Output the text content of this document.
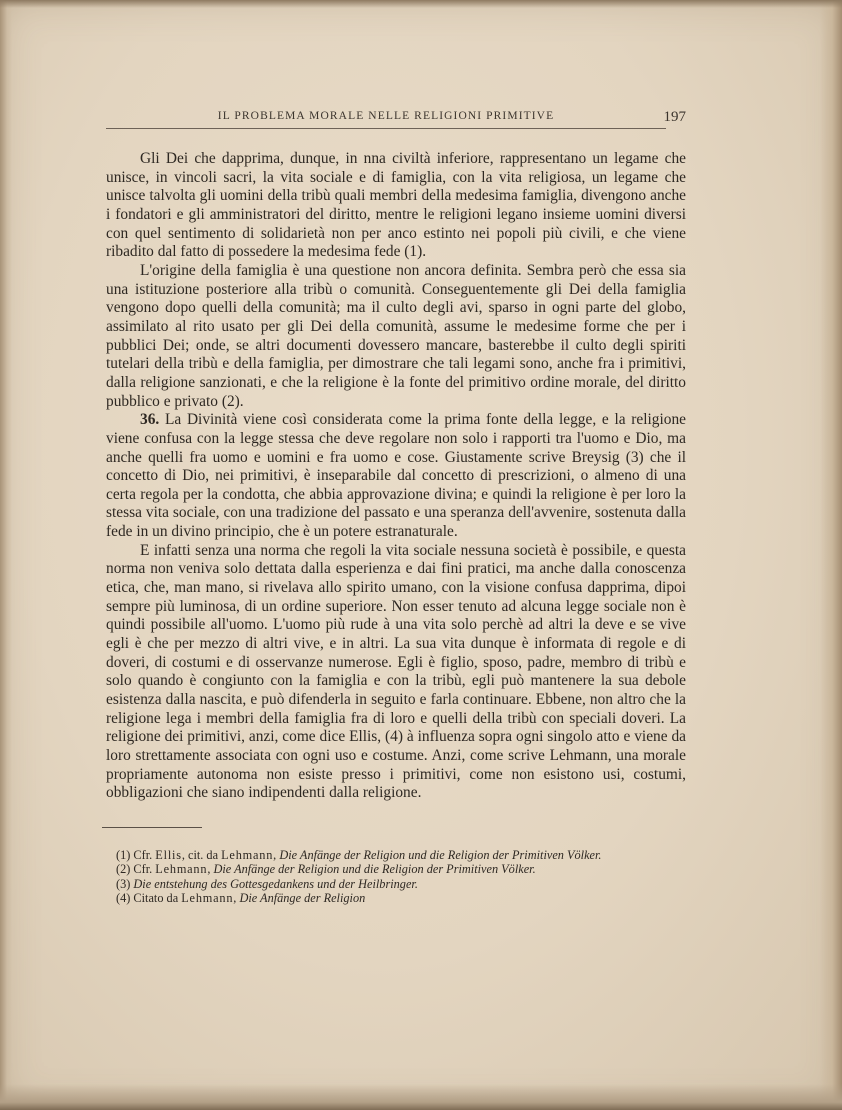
IL PROBLEMA MORALE NELLE RELIGIONI PRIMITIVE	197

Gli Dei che dapprima, dunque, in nna civiltà inferiore, rappresentano un legame che unisce, in vincoli sacri, la vita sociale e di famiglia, con la vita religiosa, un legame che unisce talvolta gli uomini della tribù quali membri della medesima famiglia, divengono anche i fondatori e gli amministratori del diritto, mentre le religioni legano insieme uomini diversi con quel sentimento di solidarietà non per anco estinto nei popoli più civili, e che viene ribadito dal fatto di possedere la medesima fede (1).

L'origine della famiglia è una questione non ancora definita. Sembra però che essa sia una istituzione posteriore alla tribù o comunità. Conseguentemente gli Dei della famiglia vengono dopo quelli della comunità; ma il culto degli avi, sparso in ogni parte del globo, assimilato al rito usato per gli Dei della comunità, assume le medesime forme che per i pubblici Dei; onde, se altri documenti dovessero mancare, basterebbe il culto degli spiriti tutelari della tribù e della famiglia, per dimostrare che tali legami sono, anche fra i primitivi, dalla religione sanzionati, e che la religione è la fonte del primitivo ordine morale, del diritto pubblico e privato (2).

36. La Divinità viene così considerata come la prima fonte della legge, e la religione viene confusa con la legge stessa che deve regolare non solo i rapporti tra l'uomo e Dio, ma anche quelli fra uomo e uomini e fra uomo e cose. Giustamente scrive Breysig (3) che il concetto di Dio, nei primitivi, è inseparabile dal concetto di prescrizioni, o almeno di una certa regola per la condotta, che abbia approvazione divina; e quindi la religione è per loro la stessa vita sociale, con una tradizione del passato e una speranza dell'avvenire, sostenuta dalla fede in un divino principio, che è un potere estranaturale.

E infatti senza una norma che regoli la vita sociale nessuna società è possibile, e questa norma non veniva solo dettata dalla esperienza e dai fini pratici, ma anche dalla conoscenza etica, che, man mano, si rivelava allo spirito umano, con la visione confusa dapprima, dipoi sempre più luminosa, di un ordine superiore. Non esser tenuto ad alcuna legge sociale non è quindi possibile all'uomo. L'uomo più rude à una vita solo perchè ad altri la deve e se vive egli è che per mezzo di altri vive, e in altri. La sua vita dunque è informata di regole e di doveri, di costumi e di osservanze numerose. Egli è figlio, sposo, padre, membro di tribù e solo quando è congiunto con la famiglia e con la tribù, egli può mantenere la sua debole esistenza dalla nascita, e può difenderla in seguito e farla continuare. Ebbene, non altro che la religione lega i membri della famiglia fra di loro e quelli della tribù con speciali doveri. La religione dei primitivi, anzi, come dice Ellis, (4) à influenza sopra ogni singolo atto e viene da loro strettamente associata con ogni uso e costume. Anzi, come scrive Lehmann, una morale propriamente autonoma non esiste presso i primitivi, come non esistono usi, costumi, obbligazioni che siano indipendenti dalla religione.

(1) Cfr. Ellis, cit. da Lehmann, Die Anfänge der Religion und die Religion der Primitiven Völker.

(2) Cfr. Lehmann, Die Anfänge der Religion und die Religion der Primitiven Völker.

(3) Die entstehung des Gottesgedankens und der Heilbringer.

(4) Citato da Lehmann, Die Anfänge der Religion
